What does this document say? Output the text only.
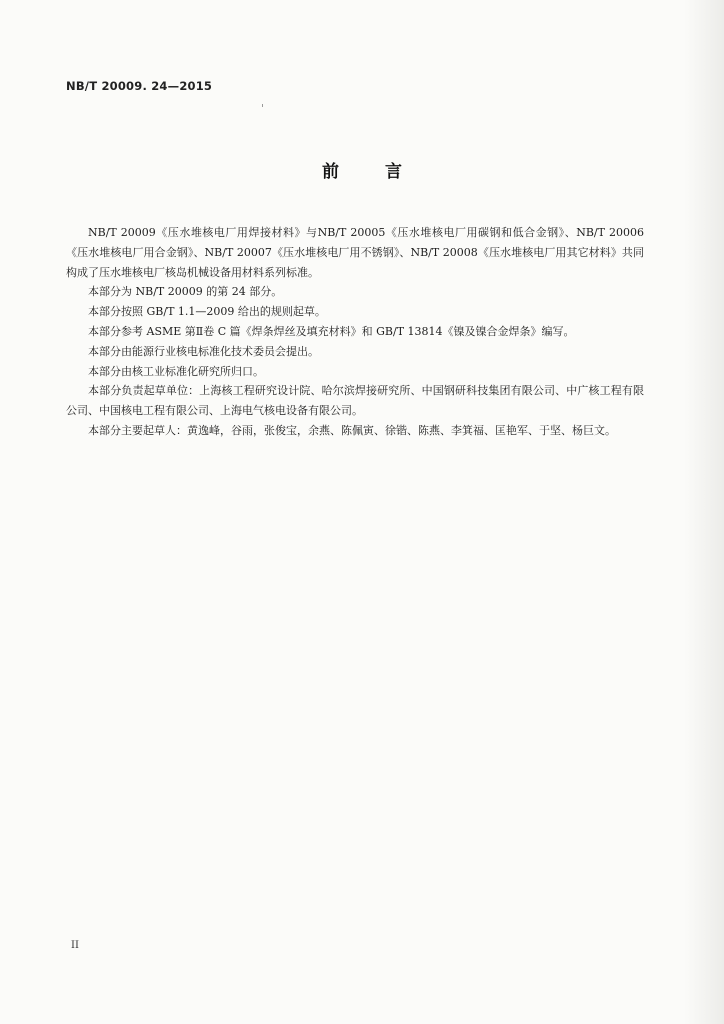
NB/T 20009. 24—2015
前言

NB/T 20009《压水堆核电厂用焊接材料》与NB/T 20005《压水堆核电厂用碳钢和低合金钢》、NB/T 20006《压水堆核电厂用合金钢》、NB/T 20007《压水堆核电厂用不锈钢》、NB/T 20008《压水堆核电厂用其它材料》共同构成了压水堆核电厂核岛机械设备用材料系列标准。

本部分为 NB/T 20009 的第 24 部分。

本部分按照 GB/T 1.1—2009 给出的规则起草。

本部分参考 ASME 第Ⅱ卷 C 篇《焊条焊丝及填充材料》和 GB/T 13814《镍及镍合金焊条》编写。

本部分由能源行业核电标准化技术委员会提出。

本部分由核工业标准化研究所归口。

本部分负责起草单位：上海核工程研究设计院、哈尔滨焊接研究所、中国钢研科技集团有限公司、中广核工程有限公司、中国核电工程有限公司、上海电气核电设备有限公司。

本部分主要起草人：黄逸峰，谷雨，张俊宝，余燕、陈佩寅、徐锴、陈燕、李箕福、匡艳军、于坚、杨巨文。

II
